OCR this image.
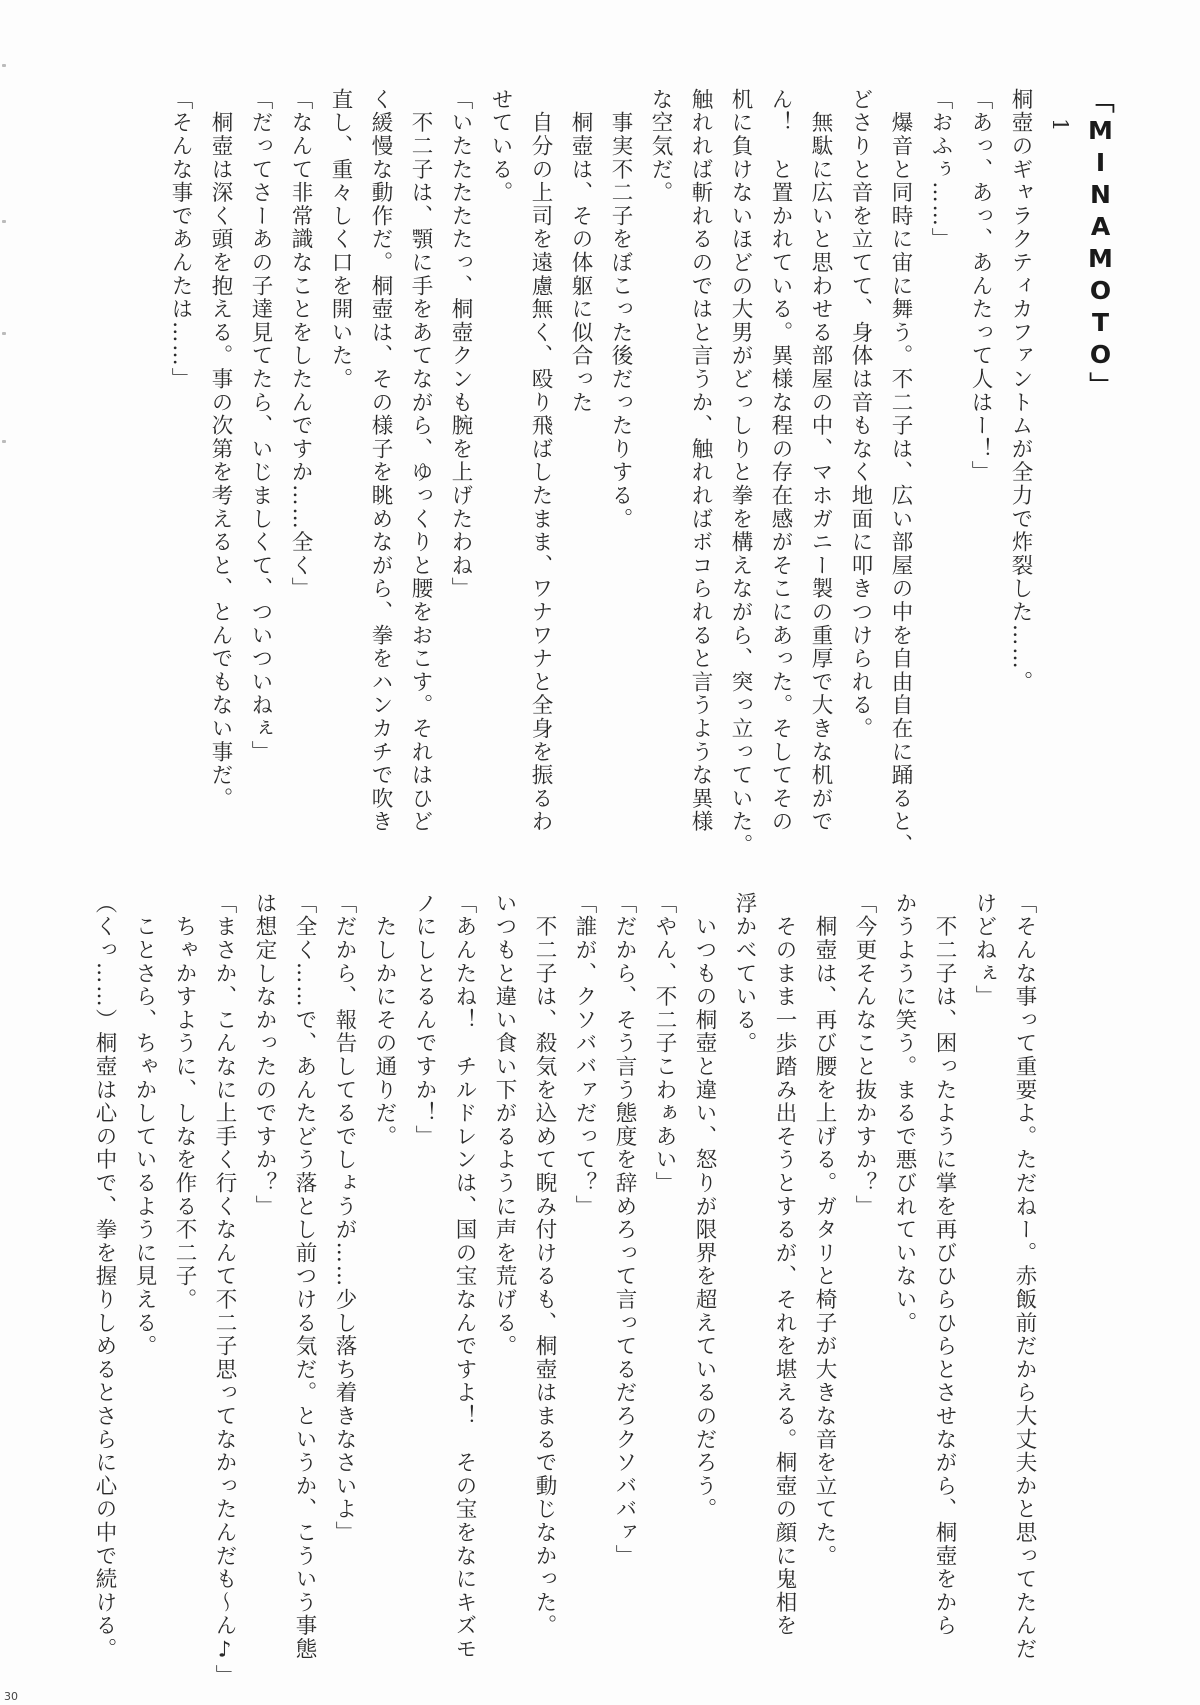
「MINAMOTO」
1
桐壺のギャラクティカファントムが全力で炸裂した……。
「あっ、あっ、あんたって人はー！」
「おふぅ……」
　爆音と同時に宙に舞う。不二子は、広い部屋の中を自由自在に踊ると、
どさりと音を立てて、身体は音もなく地面に叩きつけられる。
　無駄に広いと思わせる部屋の中、マホガニー製の重厚で大きな机がで
ん！　と置かれている。異様な程の存在感がそこにあった。そしてその
机に負けないほどの大男がどっしりと拳を構えながら、突っ立っていた。
触れれば斬れるのではと言うか、触れればボコられると言うような異様
な空気だ。
　事実不二子をぼこった後だったりする。
　桐壺は、その体躯に似合った
　自分の上司を遠慮無く、殴り飛ばしたまま、ワナワナと全身を振るわ
せている。
「いたたたたたっ、桐壺クンも腕を上げたわね」
　不二子は、顎に手をあてながら、ゆっくりと腰をおこす。それはひど
く緩慢な動作だ。桐壺は、その様子を眺めながら、拳をハンカチで吹き
直し、重々しく口を開いた。
「なんて非常識なことをしたんですか……全く」
「だってさーあの子達見てたら、いじましくて、ついついねぇ」
　桐壺は深く頭を抱える。事の次第を考えると、とんでもない事だ。
「そんな事であんたは……」
「そんな事って重要よ。ただねー。赤飯前だから大丈夫かと思ってたんだ
けどねぇ」
　不二子は、困ったように掌を再びひらひらとさせながら、桐壺をから
かうように笑う。まるで悪びれていない。
「今更そんなこと抜かすか？」
　桐壺は、再び腰を上げる。ガタリと椅子が大きな音を立てた。
　そのまま一歩踏み出そうとするが、それを堪える。桐壺の顔に鬼相を
浮かべている。
　いつもの桐壺と違い、怒りが限界を超えているのだろう。
「やん、不二子こわぁあい」
「だから、そう言う態度を辞めろって言ってるだろクソババァ」
「誰が、クソババァだって？」
　不二子は、殺気を込めて睨み付けるも、桐壺はまるで動じなかった。
いつもと違い食い下がるように声を荒げる。
「あんたね！　チルドレンは、国の宝なんですよ！　その宝をなにキズモ
ノにしとるんですか！」
　たしかにその通りだ。
「だから、報告してるでしょうが……少し落ち着きなさいよ」
「全く……で、あんたどう落とし前つける気だ。というか、こういう事態
は想定しなかったのですか？」
「まさか、こんなに上手く行くなんて不二子思ってなかったんだも～ん♪」
　ちゃかすように、しなを作る不二子。
　ことさら、ちゃかしているように見える。
（くっ……）桐壺は心の中で、拳を握りしめるとさらに心の中で続ける。
30
